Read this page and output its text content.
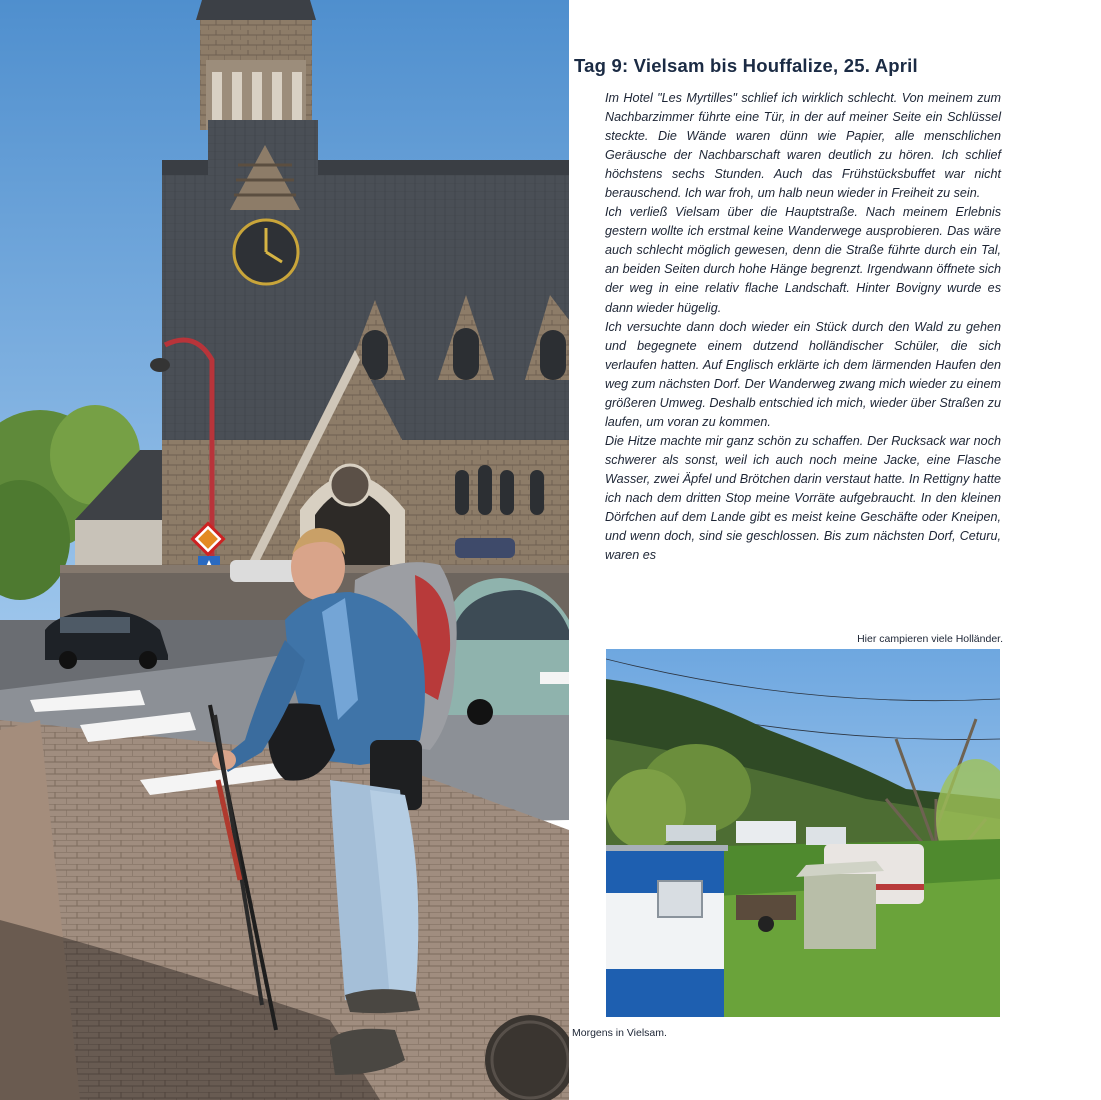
Tag 9: Vielsam bis Houffalize, 25. April

Im Hotel "Les Myrtilles" schlief ich wirklich schlecht. Von meinem zum Nachbarzimmer führte eine Tür, in der auf meiner Seite ein Schlüssel steckte. Die Wände waren dünn wie Papier, alle menschlichen Geräusche der Nachbarschaft waren deutlich zu hören. Ich schlief höchstens sechs Stunden. Auch das Frühstücksbuffet war nicht berauschend. Ich war froh, um halb neun wieder in Freiheit zu sein.

Ich verließ Vielsam über die Hauptstraße. Nach meinem Erlebnis gestern wollte ich erstmal keine Wanderwege ausprobieren. Das wäre auch schlecht möglich gewesen, denn die Straße führte durch ein Tal, an beiden Seiten durch hohe Hänge begrenzt. Irgendwann öffnete sich der weg in eine relativ flache Landschaft. Hinter Bovigny wurde es dann wieder hügelig.

Ich versuchte dann doch wieder ein Stück durch den Wald zu gehen und begegnete einem dutzend holländischer Schüler, die sich verlaufen hatten. Auf Englisch erklärte ich dem lärmenden Haufen den weg zum nächsten Dorf. Der Wanderweg zwang mich wieder zu einem größeren Umweg. Deshalb entschied ich mich, wieder über Straßen zu laufen, um voran zu kommen.

Die Hitze machte mir ganz schön zu schaffen. Der Rucksack war noch schwerer als sonst, weil ich auch noch meine Jacke, eine Flasche Wasser, zwei Äpfel und Brötchen darin verstaut hatte. In Rettigny hatte ich nach dem dritten Stop meine Vorräte aufgebraucht. In den kleinen Dörfchen auf dem Lande gibt es meist keine Geschäfte oder Kneipen, und wenn doch, sind sie geschlossen. Bis zum nächsten Dorf, Ceturu, waren es

Hier campieren viele Holländer.
Morgens in Vielsam.
